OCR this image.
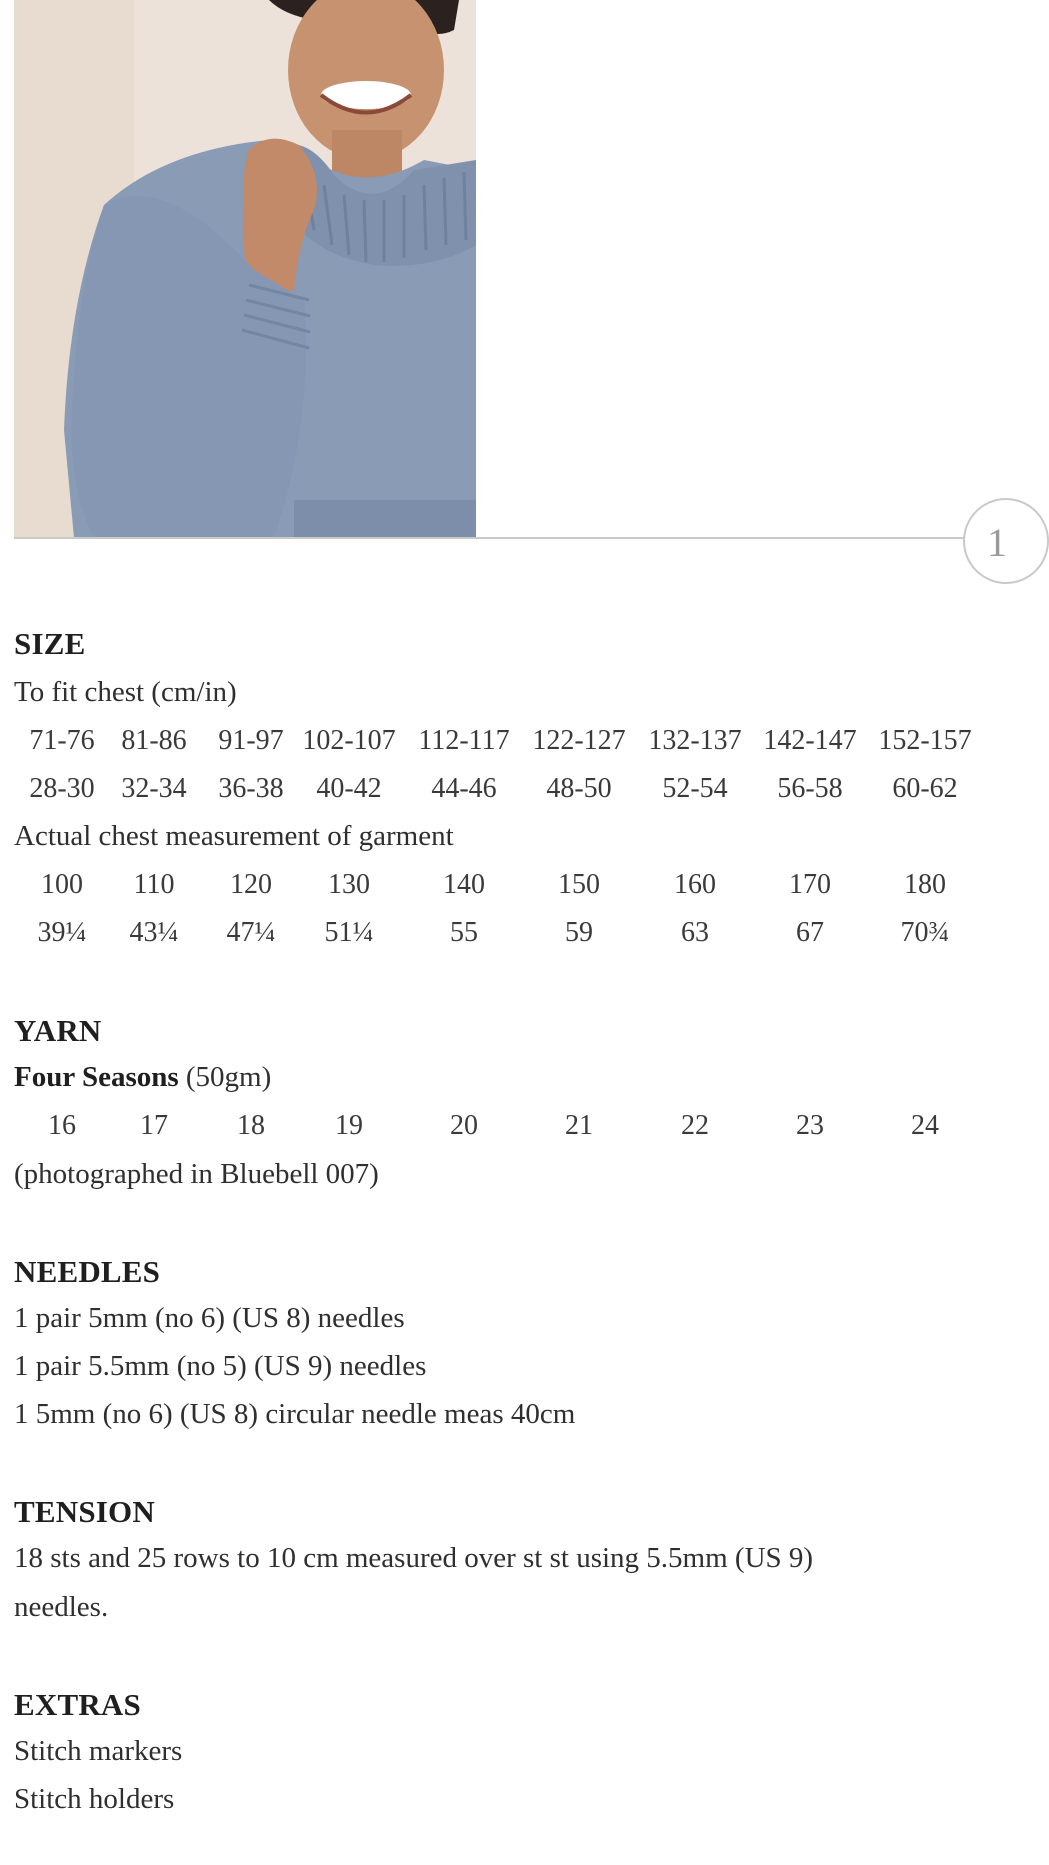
1
SIZE
To fit chest (cm/in)
71-76 81-86	91-97 102-107 112-117 122-127 132-137 142-147 152-157
28-30 32-34	36-38	40-42	44-46	48-50	52-54	56-58	60-62
Actual chest measurement of garment
100	110	120	130	140	150	160	170	180
39¼	43¼	47¼	51¼	55	59	63	67	70¾
YARN
Four Seasons (50gm)
16	17	18	19	20	21	22	23	24
(photographed in Bluebell 007)
NEEDLES
1 pair 5mm (no 6) (US 8) needles
1 pair 5.5mm (no 5) (US 9) needles
1 5mm (no 6) (US 8) circular needle meas 40cm
TENSION
18 sts and 25 rows to 10 cm measured over st st using 5.5mm (US 9)
needles.
EXTRAS
Stitch markers
Stitch holders
